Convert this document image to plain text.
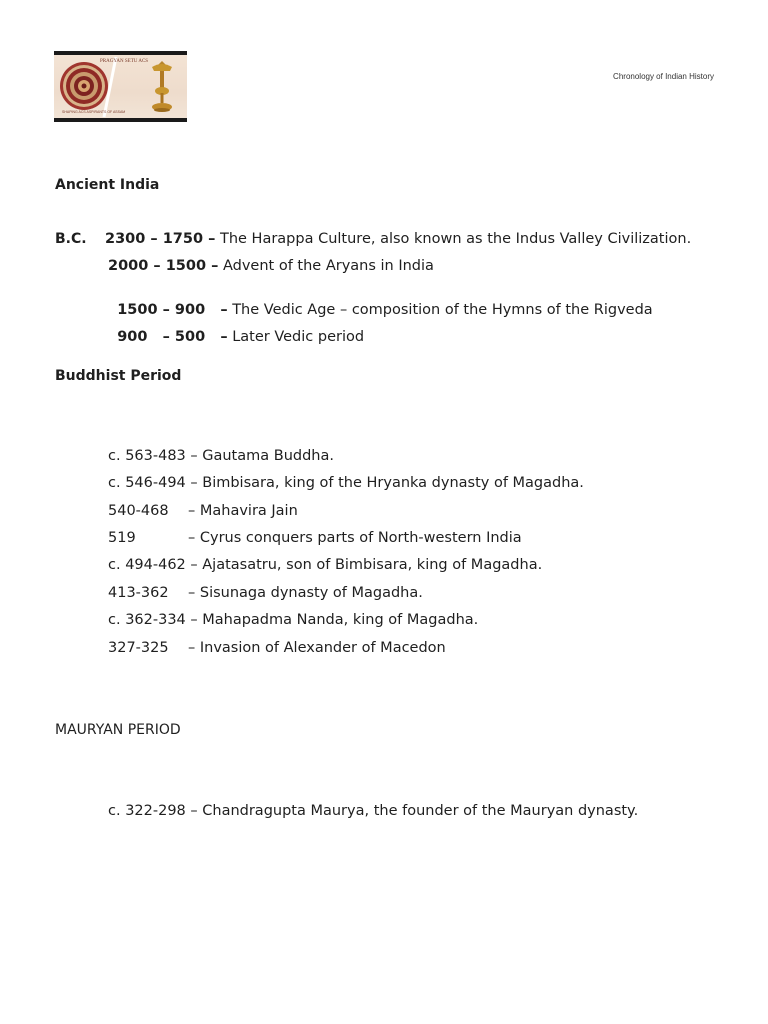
PRAGYAN SETU ACS
SHAPING ACS ASPIRANTS OF ASSAM
Chronology of Indian History
Ancient India
B.C. 2300 – 1750 – The Harappa Culture, also known as the Indus Valley Civilization.
2000 – 1500 – Advent of the Aryans in India

1500 – 900   – The Vedic Age – composition of the Hymns of the Rigveda

900   – 500   – Later Vedic period

Buddhist Period
c. 563-483 – Gautama Buddha.
c. 546-494 – Bimbisara, king of the Hryanka dynasty of Magadha.
540-468 – Mahavira Jain
519	– Cyrus conquers parts of North-western India
c. 494-462 – Ajatasatru, son of Bimbisara, king of Magadha.
413-362 – Sisunaga dynasty of Magadha.
c. 362-334 – Mahapadma Nanda, king of Magadha.
327-325 – Invasion of Alexander of Macedon
MAURYAN PERIOD
c. 322-298 – Chandragupta Maurya, the founder of the Mauryan dynasty.
